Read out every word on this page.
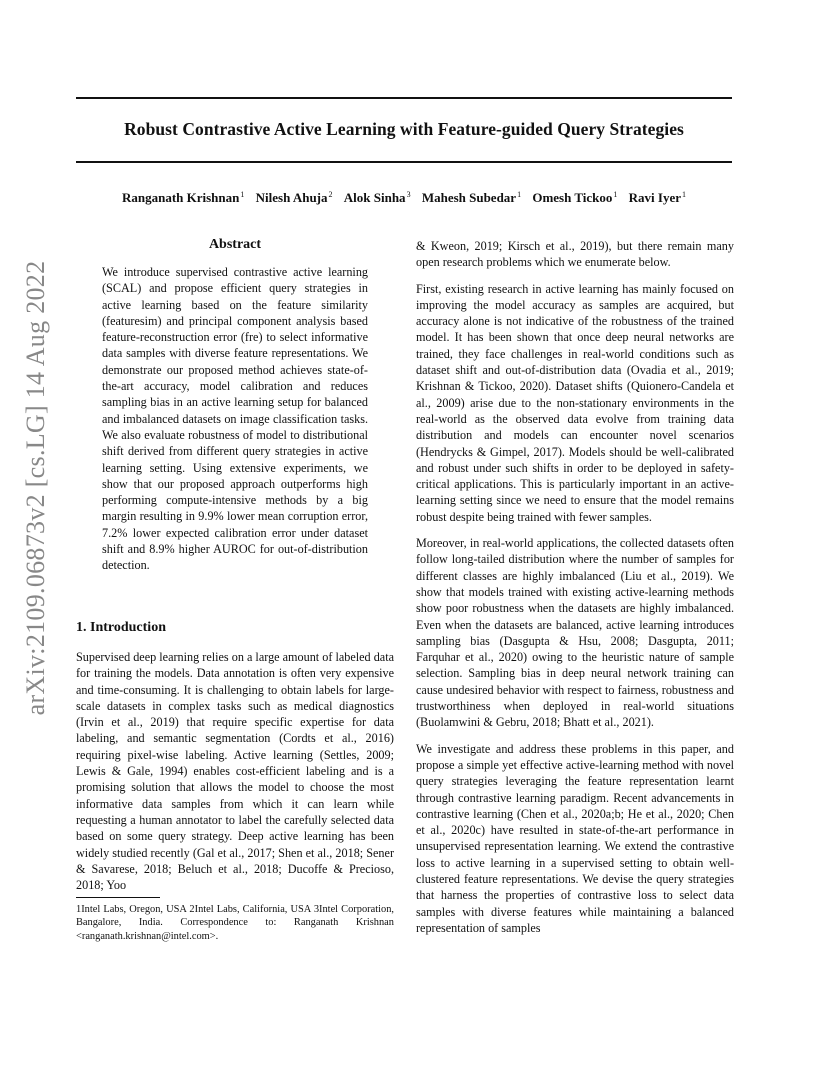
Robust Contrastive Active Learning with Feature-guided Query Strategies
Ranganath Krishnan$^1$ Nilesh Ahuja$^2$ Alok Sinha$^3$ Mahesh Subedar$^1$ Omesh Tickoo$^1$ Ravi Iyer$^1$
arXiv:2109.06873v2 [cs.LG] 14 Aug 2022
Abstract

We introduce supervised contrastive active learning (SCAL) and propose efficient query strategies in active learning based on the feature similarity (featuresim) and principal component analysis based feature-reconstruction error (fre) to select informative data samples with diverse feature representations. We demonstrate our proposed method achieves state-of-the-art accuracy, model calibration and reduces sampling bias in an active learning setup for balanced and imbalanced datasets on image classification tasks. We also evaluate robustness of model to distributional shift derived from different query strategies in active learning setting. Using extensive experiments, we show that our proposed approach outperforms high performing compute-intensive methods by a big margin resulting in 9.9% lower mean corruption error, 7.2% lower expected calibration error under dataset shift and 8.9% higher AUROC for out-of-distribution detection.

1. Introduction

Supervised deep learning relies on a large amount of labeled data for training the models. Data annotation is often very expensive and time-consuming. It is challenging to obtain labels for large-scale datasets in complex tasks such as medical diagnostics (Irvin et al., 2019) that require specific expertise for data labeling, and semantic segmentation (Cordts et al., 2016) requiring pixel-wise labeling. Active learning (Settles, 2009; Lewis & Gale, 1994) enables cost-efficient labeling and is a promising solution that allows the model to choose the most informative data samples from which it can learn while requesting a human annotator to label the carefully selected data based on some query strategy. Deep active learning has been widely studied recently (Gal et al., 2017; Shen et al., 2018; Sener & Savarese, 2018; Beluch et al., 2018; Ducoffe & Precioso, 2018; Yoo

1Intel Labs, Oregon, USA 2Intel Labs, California, USA 3Intel Corporation, Bangalore, India. Correspondence to: Ranganath Krishnan <ranganath.krishnan@intel.com>.

& Kweon, 2019; Kirsch et al., 2019), but there remain many open research problems which we enumerate below.

First, existing research in active learning has mainly focused on improving the model accuracy as samples are acquired, but accuracy alone is not indicative of the robustness of the trained model. It has been shown that once deep neural networks are trained, they face challenges in real-world conditions such as dataset shift and out-of-distribution data (Ovadia et al., 2019; Krishnan & Tickoo, 2020). Dataset shifts (Quionero-Candela et al., 2009) arise due to the non-stationary environments in the real-world as the observed data evolve from training data distribution and models can encounter novel scenarios (Hendrycks & Gimpel, 2017). Models should be well-calibrated and robust under such shifts in order to be deployed in safety-critical applications. This is particularly important in an active-learning setting since we need to ensure that the model remains robust despite being trained with fewer samples.

Moreover, in real-world applications, the collected datasets often follow long-tailed distribution where the number of samples for different classes are highly imbalanced (Liu et al., 2019). We show that models trained with existing active-learning methods show poor robustness when the datasets are highly imbalanced. Even when the datasets are balanced, active learning introduces sampling bias (Dasgupta & Hsu, 2008; Dasgupta, 2011; Farquhar et al., 2020) owing to the heuristic nature of sample selection. Sampling bias in deep neural network training can cause undesired behavior with respect to fairness, robustness and trustworthiness when deployed in real-world situations (Buolamwini & Gebru, 2018; Bhatt et al., 2021).

We investigate and address these problems in this paper, and propose a simple yet effective active-learning method with novel query strategies leveraging the feature representation learnt through contrastive learning paradigm. Recent advancements in contrastive learning (Chen et al., 2020a;b; He et al., 2020; Chen et al., 2020c) have resulted in state-of-the-art performance in unsupervised representation learning. We extend the contrastive loss to active learning in a supervised setting to obtain well-clustered feature representations. We devise the query strategies that harness the properties of contrastive loss to select data samples with diverse features while maintaining a balanced representation of samples
